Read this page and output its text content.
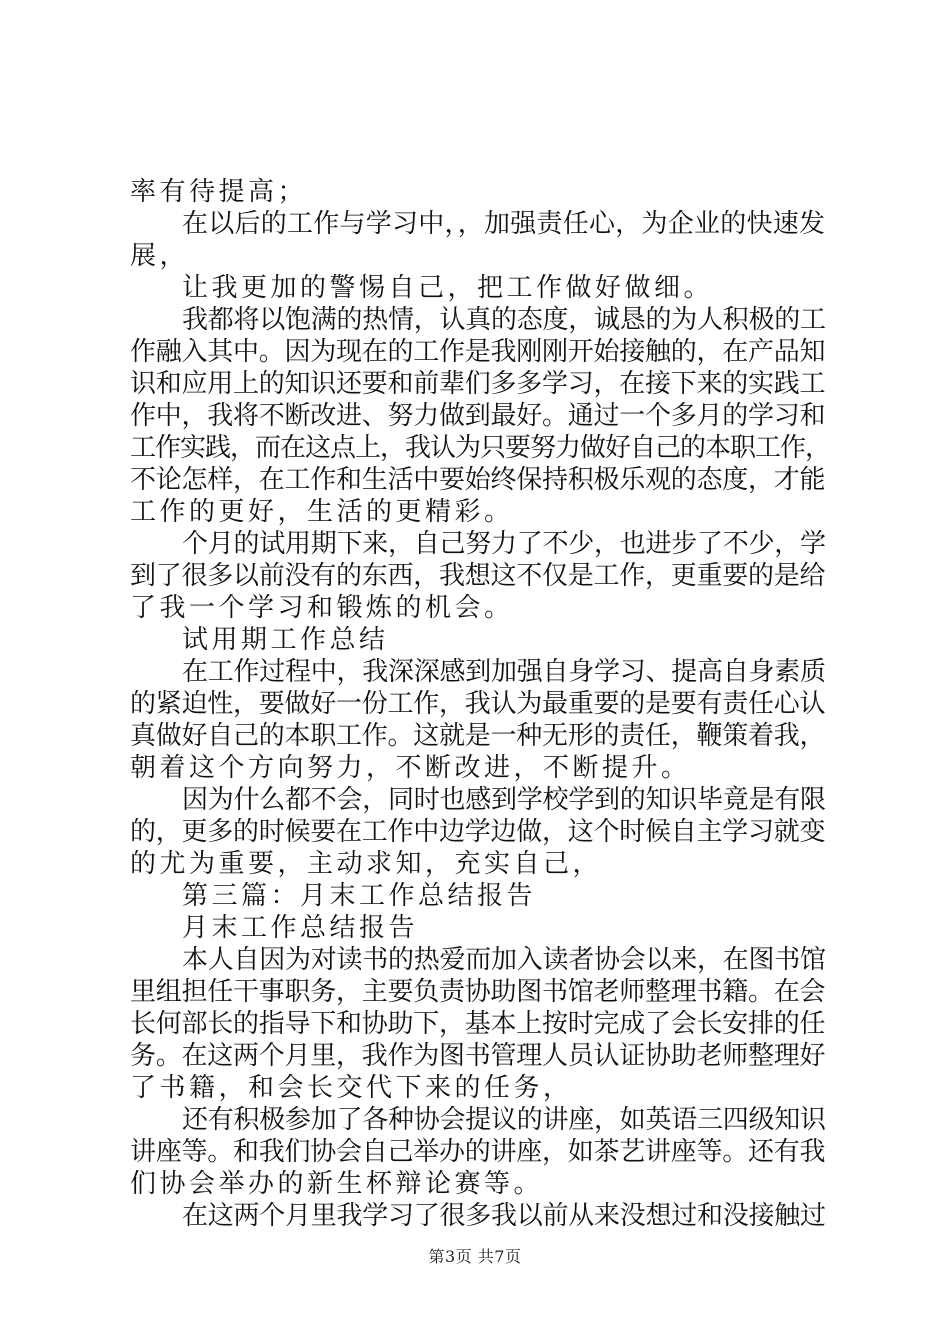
率有待提高；
在以后的工作与学习中，，加强责任心，为企业的快速发
展，
让我更加的警惕自己，把工作做好做细。
我都将以饱满的热情，认真的态度，诚恳的为人积极的工
作融入其中。因为现在的工作是我刚刚开始接触的，在产品知
识和应用上的知识还要和前辈们多多学习，在接下来的实践工
作中，我将不断改进、努力做到最好。通过一个多月的学习和
工作实践，而在这点上，我认为只要努力做好自己的本职工作，
不论怎样，在工作和生活中要始终保持积极乐观的态度，才能
工作的更好，生活的更精彩。
个月的试用期下来，自己努力了不少，也进步了不少，学
到了很多以前没有的东西，我想这不仅是工作，更重要的是给
了我一个学习和锻炼的机会。
试用期工作总结
在工作过程中，我深深感到加强自身学习、提高自身素质
的紧迫性，要做好一份工作，我认为最重要的是要有责任心认
真做好自己的本职工作。这就是一种无形的责任，鞭策着我，
朝着这个方向努力，不断改进，不断提升。
因为什么都不会，同时也感到学校学到的知识毕竟是有限
的，更多的时候要在工作中边学边做，这个时候自主学习就变
的尤为重要，主动求知，充实自己，
第三篇：月末工作总结报告
月末工作总结报告
本人自因为对读书的热爱而加入读者协会以来，在图书馆
里组担任干事职务，主要负责协助图书馆老师整理书籍。在会
长何部长的指导下和协助下，基本上按时完成了会长安排的任
务。在这两个月里，我作为图书管理人员认证协助老师整理好
了书籍，和会长交代下来的任务，
还有积极参加了各种协会提议的讲座，如英语三四级知识
讲座等。和我们协会自己举办的讲座，如茶艺讲座等。还有我
们协会举办的新生杯辩论赛等。
在这两个月里我学习了很多我以前从来没想过和没接触过
第3页 共7页
